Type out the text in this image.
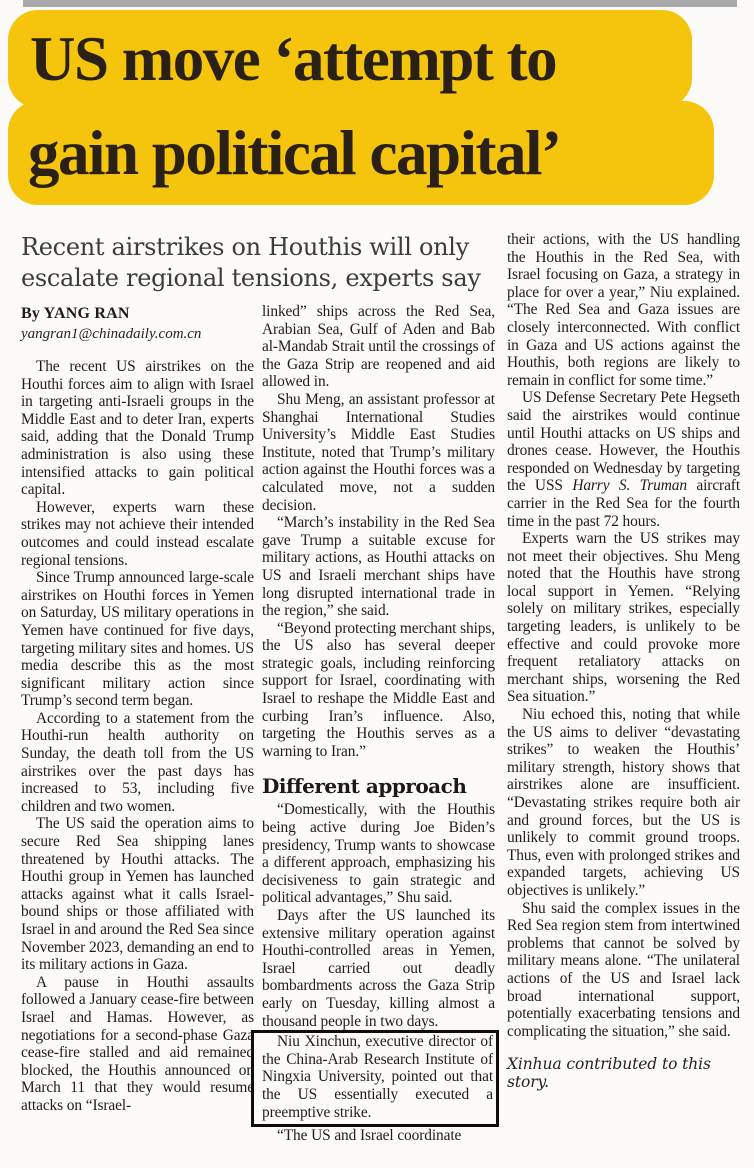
US move ‘attempt to
gain political capital’
Recent airstrikes on Houthis will only escalate regional tensions, experts say
By YANG RAN
yangran1@chinadaily.com.cn

The recent US airstrikes on the Houthi forces aim to align with Israel in targeting anti-Israeli groups in the Middle East and to deter Iran, experts said, adding that the Donald Trump administration is also using these intensified attacks to gain political capital.

However, experts warn these strikes may not achieve their intended outcomes and could instead escalate regional tensions.

Since Trump announced large-scale airstrikes on Houthi forces in Yemen on Saturday, US military operations in Yemen have continued for five days, targeting military sites and homes. US media describe this as the most significant military action since Trump’s second term began.

According to a statement from the Houthi-run health authority on Sunday, the death toll from the US airstrikes over the past days has increased to 53, including five children and two women.

The US said the operation aims to secure Red Sea shipping lanes threatened by Houthi attacks. The Houthi group in Yemen has launched attacks against what it calls Israel-bound ships or those affiliated with Israel in and around the Red Sea since November 2023, demanding an end to its military actions in Gaza.

A pause in Houthi assaults followed a January cease-fire between Israel and Hamas. However, as negotiations for a second-phase Gaza cease-fire stalled and aid remained blocked, the Houthis announced on March 11 that they would resume attacks on “Israel-

linked” ships across the Red Sea, Arabian Sea, Gulf of Aden and Bab al-Mandab Strait until the crossings of the Gaza Strip are reopened and aid allowed in.

Shu Meng, an assistant professor at Shanghai International Studies University’s Middle East Studies Institute, noted that Trump’s military action against the Houthi forces was a calculated move, not a sudden decision.

“March’s instability in the Red Sea gave Trump a suitable excuse for military actions, as Houthi attacks on US and Israeli merchant ships have long disrupted international trade in the region,” she said.

“Beyond protecting merchant ships, the US also has several deeper strategic goals, including reinforcing support for Israel, coordinating with Israel to reshape the Middle East and curbing Iran’s influence. Also, targeting the Houthis serves as a warning to Iran.”

Different approach

“Domestically, with the Houthis being active during Joe Biden’s presidency, Trump wants to showcase a different approach, emphasizing his decisiveness to gain strategic and political advantages,” Shu said.

Days after the US launched its extensive military operation against Houthi-controlled areas in Yemen, Israel carried out deadly bombardments across the Gaza Strip early on Tuesday, killing almost a thousand people in two days.

Niu Xinchun, executive director of the China-Arab Research Institute of Ningxia University, pointed out that the US essentially executed a preemptive strike.

“The US and Israel coordinate

their actions, with the US handling the Houthis in the Red Sea, with Israel focusing on Gaza, a strategy in place for over a year,” Niu explained. “The Red Sea and Gaza issues are closely interconnected. With conflict in Gaza and US actions against the Houthis, both regions are likely to remain in conflict for some time.”

US Defense Secretary Pete Hegseth said the airstrikes would continue until Houthi attacks on US ships and drones cease. However, the Houthis responded on Wednesday by targeting the USS Harry S. Truman aircraft carrier in the Red Sea for the fourth time in the past 72 hours.

Experts warn the US strikes may not meet their objectives. Shu Meng noted that the Houthis have strong local support in Yemen. “Relying solely on military strikes, especially targeting leaders, is unlikely to be effective and could provoke more frequent retaliatory attacks on merchant ships, worsening the Red Sea situation.”

Niu echoed this, noting that while the US aims to deliver “devastating strikes” to weaken the Houthis’ military strength, history shows that airstrikes alone are insufficient. “Devastating strikes require both air and ground forces, but the US is unlikely to commit ground troops. Thus, even with prolonged strikes and expanded targets, achieving US objectives is unlikely.”

Shu said the complex issues in the Red Sea region stem from intertwined problems that cannot be solved by military means alone. “The unilateral actions of the US and Israel lack broad international support, potentially exacerbating tensions and complicating the situation,” she said.

Xinhua contributed to this story.
